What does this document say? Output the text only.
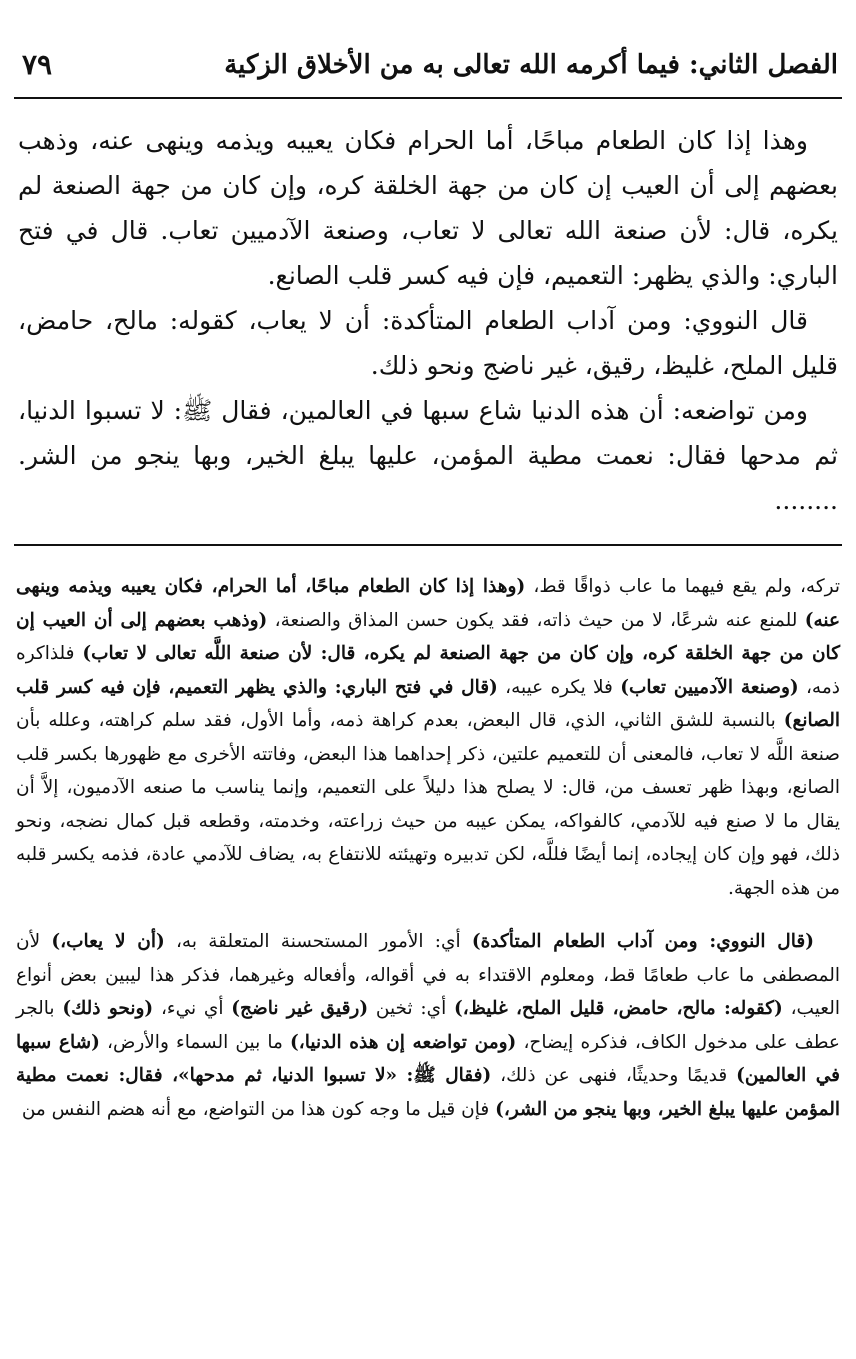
الفصل الثاني: فيما أكرمه الله تعالى به من الأخلاق الزكية
٧٩

وهذا إذا كان الطعام مباحًا، أما الحرام فكان يعيبه ويذمه وينهى عنه، وذهب بعضهم إلى أن العيب إن كان من جهة الخلقة كره، وإن كان من جهة الصنعة لم يكره، قال: لأن صنعة الله تعالى لا تعاب، وصنعة الآدميين تعاب. قال في فتح الباري: والذي يظهر: التعميم، فإن فيه كسر قلب الصانع.

قال النووي: ومن آداب الطعام المتأكدة: أن لا يعاب، كقوله: مالح، حامض، قليل الملح، غليظ، رقيق، غير ناضج ونحو ذلك.

ومن تواضعه: أن هذه الدنيا شاع سبها في العالمين، فقال ﷺ: لا تسبوا الدنيا، ثم مدحها فقال: نعمت مطية المؤمن، عليها يبلغ الخير، وبها ينجو من الشر. ........

تركه، ولم يقع فيهما ما عاب ذواقًا قط، (وهذا إذا كان الطعام مباحًا، أما الحرام، فكان يعيبه ويذمه وينهى عنه) للمنع عنه شرعًا، لا من حيث ذاته، فقد يكون حسن المذاق والصنعة، (وذهب بعضهم إلى أن العيب إن كان من جهة الخلقة كره، وإن كان من جهة الصنعة لم يكره، قال: لأن صنعة اللَّه تعالى لا تعاب) فلذاكره ذمه، (وصنعة الآدميين تعاب) فلا يكره عيبه، (قال في فتح الباري: والذي يظهر التعميم، فإن فيه كسر قلب الصانع) بالنسبة للشق الثاني، الذي، قال البعض، بعدم كراهة ذمه، وأما الأول، فقد سلم كراهته، وعلله بأن صنعة اللَّه لا تعاب، فالمعنى أن للتعميم علتين، ذكر إحداهما هذا البعض، وفاتته الأخرى مع ظهورها بكسر قلب الصانع، وبهذا ظهر تعسف من، قال: لا يصلح هذا دليلاً على التعميم، وإنما يناسب ما صنعه الآدميون، إلاَّ أن يقال ما لا صنع فيه للآدمي، كالفواكه، يمكن عيبه من حيث زراعته، وخدمته، وقطعه قبل كمال نضجه، ونحو ذلك، فهو وإن كان إيجاده، إنما أيضًا فللَّه، لكن تدبيره وتهيئته للانتفاع به، يضاف للآدمي عادة، فذمه يكسر قلبه من هذه الجهة.

(قال النووي: ومن آداب الطعام المتأكدة) أي: الأمور المستحسنة المتعلقة به، (أن لا يعاب،) لأن المصطفى ما عاب طعامًا قط، ومعلوم الاقتداء به في أقواله، وأفعاله وغيرهما، فذكر هذا ليبين بعض أنواع العيب، (كقوله: مالح، حامض، قليل الملح، غليظ،) أي: ثخين (رقيق غير ناضج) أي نيء، (ونحو ذلك) بالجر عطف على مدخول الكاف، فذكره إيضاح، (ومن تواضعه إن هذه الدنيا،) ما بين السماء والأرض، (شاع سبها في العالمين) قديمًا وحديثًا، فنهى عن ذلك، (فقال ﷺ: «لا تسبوا الدنيا، ثم مدحها»، فقال: نعمت مطية المؤمن عليها يبلغ الخير، وبها ينجو من الشر،) فإن قيل ما وجه كون هذا من التواضع، مع أنه هضم النفس من
